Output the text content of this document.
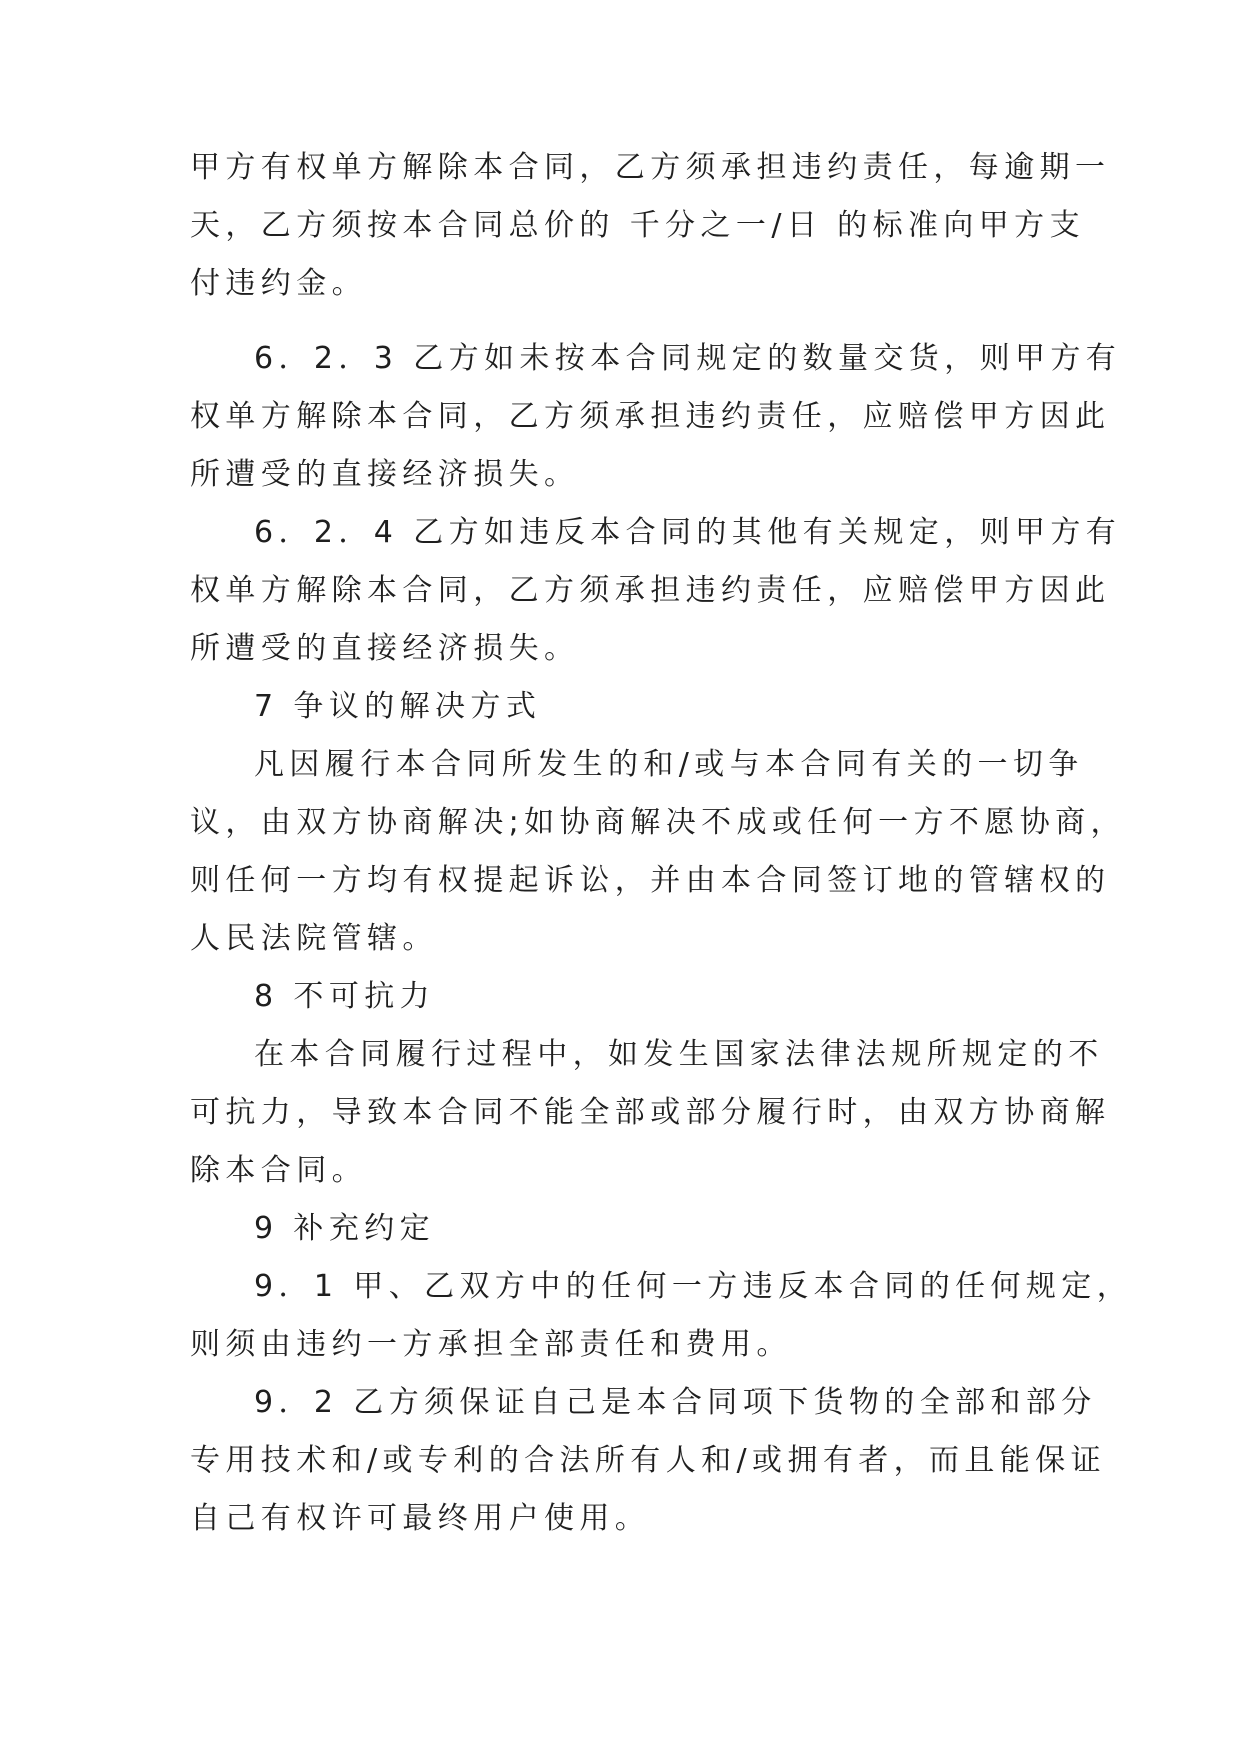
甲方有权单方解除本合同，乙方须承担违约责任，每逾期一
天，乙方须按本合同总价的 千分之一/日 的标准向甲方支
付违约金。
6．2．3 乙方如未按本合同规定的数量交货，则甲方有
权单方解除本合同，乙方须承担违约责任，应赔偿甲方因此
所遭受的直接经济损失。
6．2．4 乙方如违反本合同的其他有关规定，则甲方有
权单方解除本合同，乙方须承担违约责任，应赔偿甲方因此
所遭受的直接经济损失。
7 争议的解决方式
凡因履行本合同所发生的和/或与本合同有关的一切争
议，由双方协商解决;如协商解决不成或任何一方不愿协商，
则任何一方均有权提起诉讼，并由本合同签订地的管辖权的
人民法院管辖。
8 不可抗力
在本合同履行过程中，如发生国家法律法规所规定的不
可抗力，导致本合同不能全部或部分履行时，由双方协商解
除本合同。
9 补充约定
9．1 甲、乙双方中的任何一方违反本合同的任何规定，
则须由违约一方承担全部责任和费用。
9．2 乙方须保证自己是本合同项下货物的全部和部分
专用技术和/或专利的合法所有人和/或拥有者，而且能保证
自己有权许可最终用户使用。
